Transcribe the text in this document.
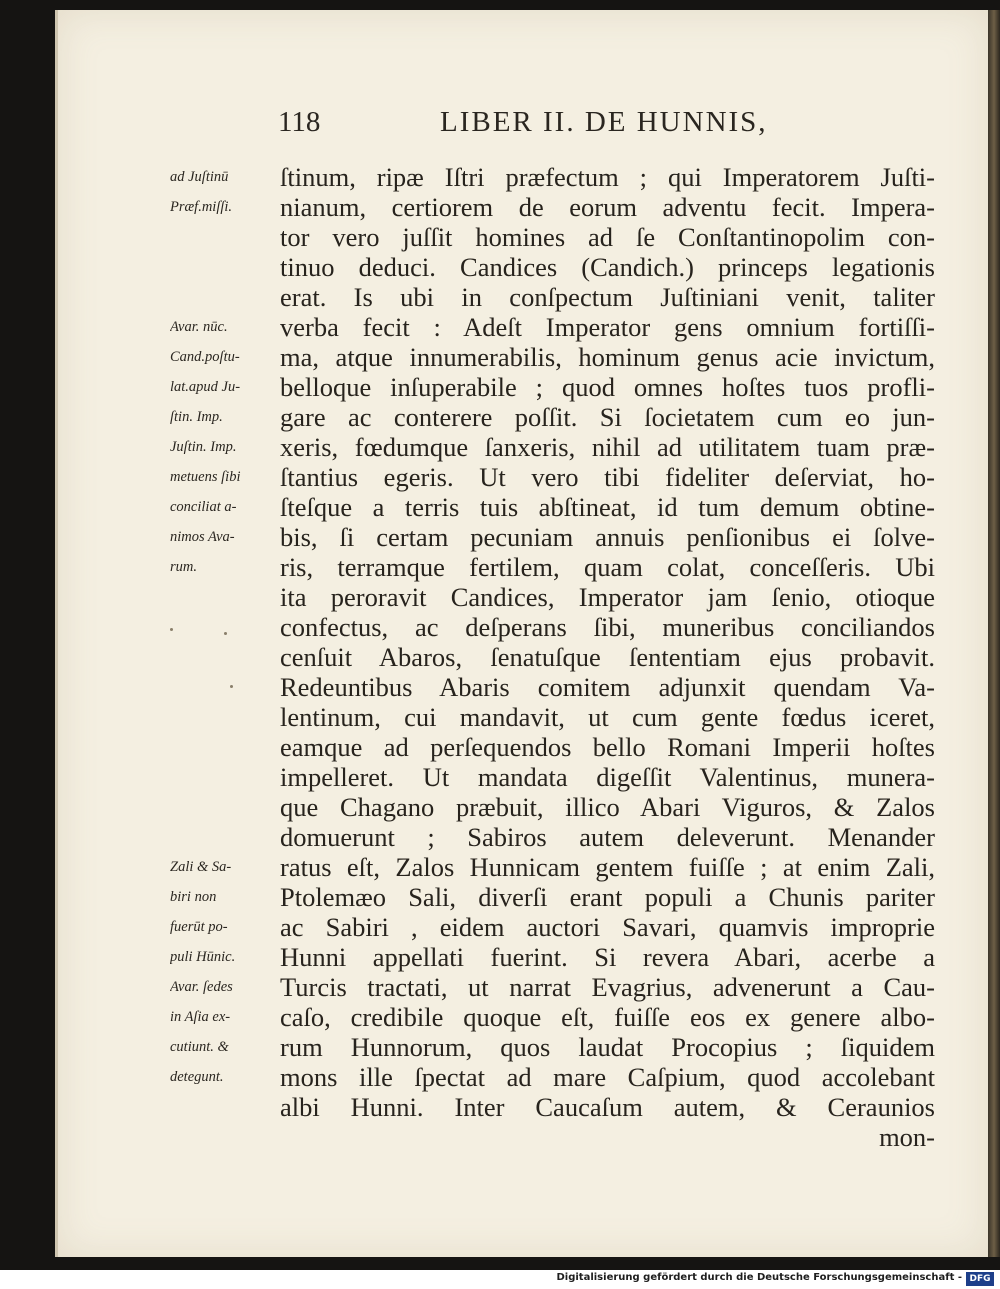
118	LIBER II. DE HUNNIS,
ad Juſtinū
Præf.miſſi.
Avar. nūc.
Cand.poſtu-
lat.apud Ju-
ſtin. Imp.
Juſtin. Imp.
metuens ſibi
conciliat a-
nimos Ava-
rum.
Zali & Sa-
biri non
fuerūt po-
puli Hūnic.
Avar. ſedes
in Aſia ex-
cutiunt. &
detegunt.
ſtinum, ripæ Iſtri præfectum ; qui Imperatorem Juſti-
nianum, certiorem de eorum adventu fecit. Impera-
tor vero juſſit homines ad ſe Conſtantinopolim con-
tinuo deduci. Candices (Candich.) princeps legationis
erat. Is ubi in conſpectum Juſtiniani venit, taliter
verba fecit : Adeſt Imperator gens omnium fortiſſi-
ma, atque innumerabilis, hominum genus acie invictum,
belloque inſuperabile ; quod omnes hoſtes tuos profli-
gare ac conterere poſſit. Si ſocietatem cum eo jun-
xeris, fœdumque ſanxeris, nihil ad utilitatem tuam præ-
ſtantius egeris. Ut vero tibi fideliter deſerviat, ho-
ſteſque a terris tuis abſtineat, id tum demum obtine-
bis, ſi certam pecuniam annuis penſionibus ei ſolve-
ris, terramque fertilem, quam colat, conceſſeris. Ubi
ita peroravit Candices, Imperator jam ſenio, otioque
confectus, ac deſperans ſibi, muneribus conciliandos
cenſuit Abaros, ſenatuſque ſententiam ejus probavit.
Redeuntibus Abaris comitem adjunxit quendam Va-
lentinum, cui mandavit, ut cum gente fœdus iceret,
eamque ad perſequendos bello Romani Imperii hoſtes
impelleret. Ut mandata digeſſit Valentinus, munera-
que Chagano præbuit, illico Abari Viguros, & Zalos
domuerunt ; Sabiros autem deleverunt. Menander
ratus eſt, Zalos Hunnicam gentem fuiſſe ; at enim Zali,
Ptolemæo Sali, diverſi erant populi a Chunis pariter
ac Sabiri , eidem auctori Savari, quamvis improprie
Hunni appellati fuerint. Si revera Abari, acerbe a
Turcis tractati, ut narrat Evagrius, advenerunt a Cau-
caſo, credibile quoque eſt, fuiſſe eos ex genere albo-
rum Hunnorum, quos laudat Procopius ; ſiquidem
mons ille ſpectat ad mare Caſpium, quod accolebant
albi Hunni. Inter Caucaſum autem, & Ceraunios
mon-
Digitalisierung gefördert durch die Deutsche Forschungsgemeinschaft - DFG
